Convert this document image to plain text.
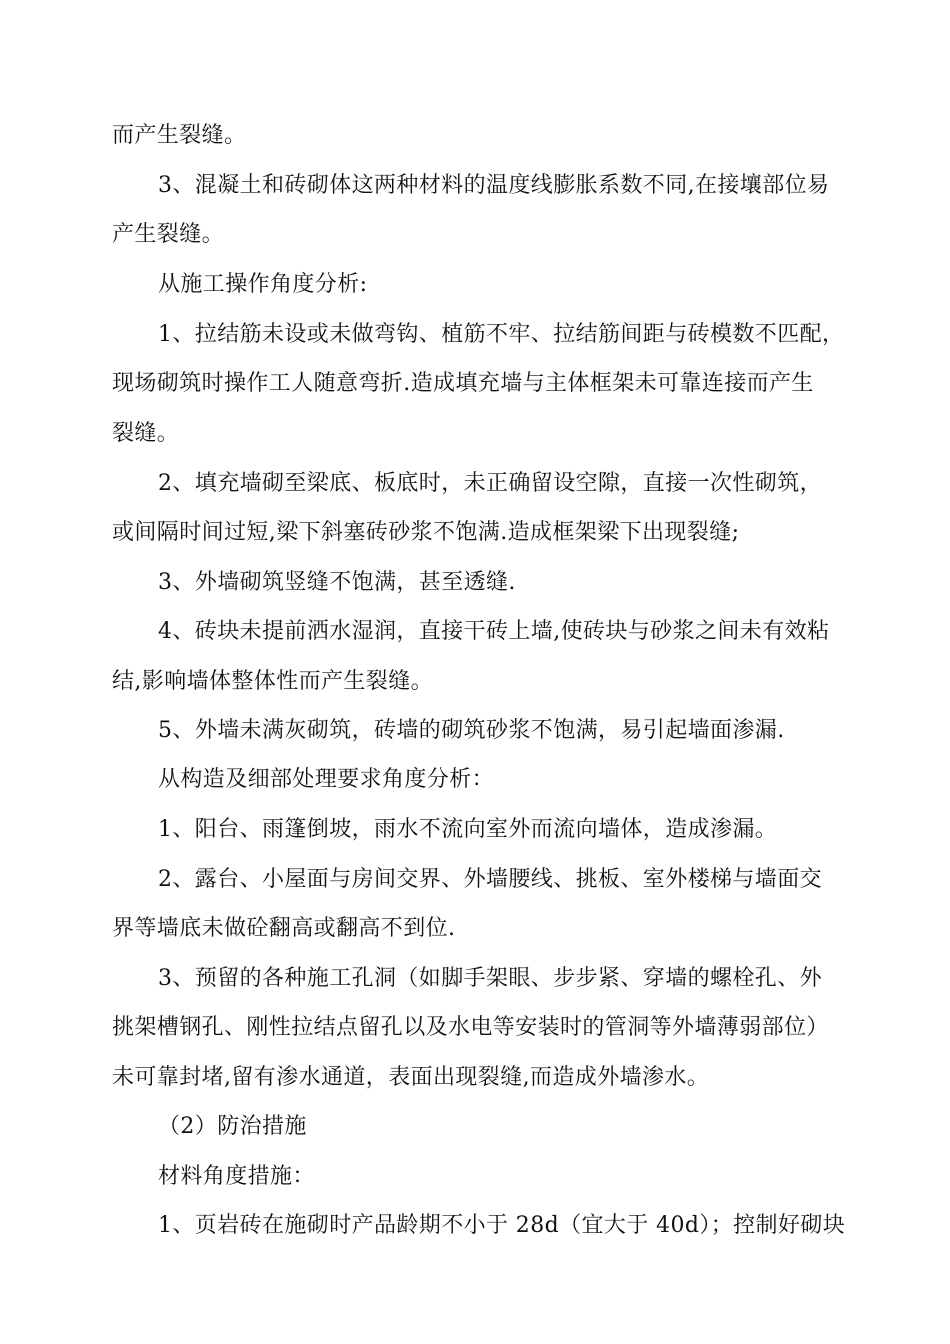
而产生裂缝。
3、混凝土和砖砌体这两种材料的温度线膨胀系数不同,在接壤部位易
产生裂缝。
从施工操作角度分析:
1、拉结筋未设或未做弯钩、植筋不牢、拉结筋间距与砖模数不匹配，
现场砌筑时操作工人随意弯折.造成填充墙与主体框架未可靠连接而产生
裂缝。
2、填充墙砌至梁底、板底时，未正确留设空隙，直接一次性砌筑，
或间隔时间过短,梁下斜塞砖砂浆不饱满.造成框架梁下出现裂缝;
3、外墙砌筑竖缝不饱满，甚至透缝.
4、砖块未提前洒水湿润，直接干砖上墙,使砖块与砂浆之间未有效粘
结,影响墙体整体性而产生裂缝。
5、外墙未满灰砌筑，砖墙的砌筑砂浆不饱满，易引起墙面渗漏.
从构造及细部处理要求角度分析：
1、阳台、雨篷倒坡，雨水不流向室外而流向墙体，造成渗漏。
2、露台、小屋面与房间交界、外墙腰线、挑板、室外楼梯与墙面交
界等墙底未做砼翻高或翻高不到位.
3、预留的各种施工孔洞（如脚手架眼、步步紧、穿墙的螺栓孔、外
挑架槽钢孔、刚性拉结点留孔以及水电等安装时的管洞等外墙薄弱部位）
未可靠封堵,留有渗水通道，表面出现裂缝,而造成外墙渗水。
（2）防治措施
材料角度措施：
1、页岩砖在施砌时产品龄期不小于 28d（宜大于 40d）；控制好砌块
